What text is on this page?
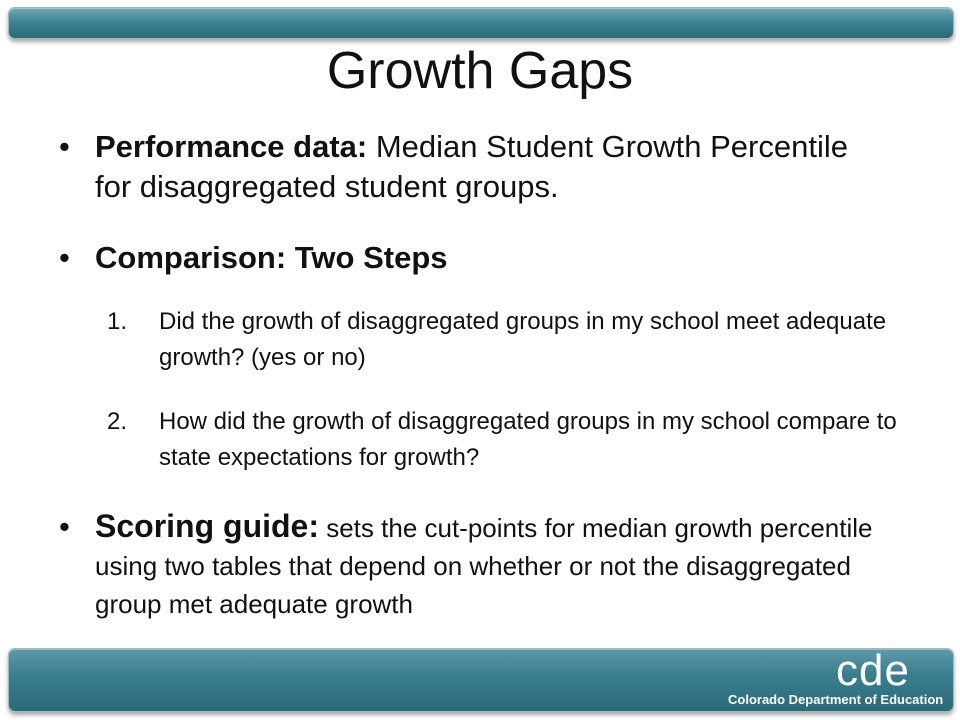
Growth Gaps
• Performance data: Median Student Growth Percentile for disaggregated student groups.
• Comparison: Two Steps
1. Did the growth of disaggregated groups in my school meet adequate growth? (yes or no)
2. How did the growth of disaggregated groups in my school compare to state expectations for growth?
• Scoring guide: sets the cut-points for median growth percentile using two tables that depend on whether or not the disaggregated group met adequate growth
cde
Colorado Department of Education
